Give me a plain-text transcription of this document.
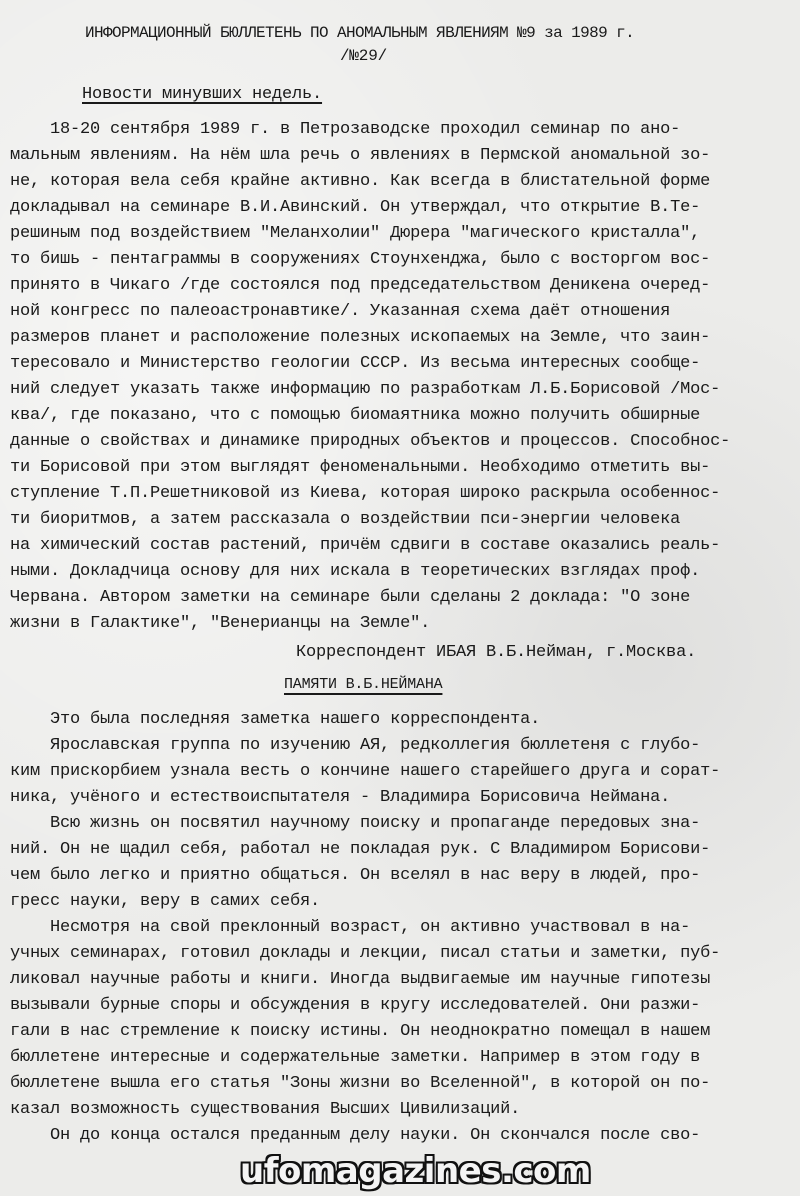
ИНФОРМАЦИОННЫЙ БЮЛЛЕТЕНЬ ПО АНОМАЛЬНЫМ ЯВЛЕНИЯМ №9 за 1989 г.
/№29/
Новости минувших недель.
18-20 сентября 1989 г. в Петрозаводске проходил семинар по ано-
мальным явлениям. На нём шла речь о явлениях в Пермской аномальной зо-
не, которая вела себя крайне активно. Как всегда в блистательной форме
докладывал на семинаре В.И.Авинский. Он утверждал, что открытие В.Те-
решиным под воздействием "Меланхолии" Дюрера "магического кристалла",
то бишь - пентаграммы в сооружениях Стоунхенджа, было с восторгом вос-
принято в Чикаго /где состоялся под председательством Деникена очеред-
ной конгресс по палеоастронавтике/. Указанная схема даёт отношения
размеров планет и расположение полезных ископаемых на Земле, что заин-
тересовало и Министерство геологии СССР. Из весьма интересных сообще-
ний следует указать также информацию по разработкам Л.Б.Борисовой /Мос-
ква/, где показано, что с помощью биомаятника можно получить обширные
данные о свойствах и динамике природных объектов и процессов. Способнос-
ти Борисовой при этом выглядят феноменальными. Необходимо отметить вы-
ступление Т.П.Решетниковой из Киева, которая широко раскрыла особеннос-
ти биоритмов, а затем рассказала о воздействии пси-энергии человека
на химический состав растений, причём сдвиги в составе оказались реаль-
ными. Докладчица основу для них искала в теоретических взглядах проф.
Червана. Автором заметки на семинаре были сделаны 2 доклада: "О зоне
жизни в Галактике", "Венерианцы на Земле".
Корреспондент ИБАЯ В.Б.Нейман, г.Москва.
ПАМЯТИ В.Б.НЕЙМАНА
Это была последняя заметка нашего корреспондента.
Ярославская группа по изучению АЯ, редколлегия бюллетеня с глубо-
ким прискорбием узнала весть о кончине нашего старейшего друга и сорат-
ника, учёного и естествоиспытателя - Владимира Борисовича Неймана.
Всю жизнь он посвятил научному поиску и пропаганде передовых зна-
ний. Он не щадил себя, работал не покладая рук. С Владимиром Борисови-
чем было легко и приятно общаться. Он вселял в нас веру в людей, про-
гресс науки, веру в самих себя.
Несмотря на свой преклонный возраст, он активно участвовал в на-
учных семинарах, готовил доклады и лекции, писал статьи и заметки, пуб-
ликовал научные работы и книги. Иногда выдвигаемые им научные гипотезы
вызывали бурные споры и обсуждения в кругу исследователей. Они разжи-
гали в нас стремление к поиску истины. Он неоднократно помещал в нашем
бюллетене интересные и содержательные заметки. Например в этом году в
бюллетене вышла его статья "Зоны жизни во Вселенной", в которой он по-
казал возможность существования Высших Цивилизаций.
Он до конца остался преданным делу науки. Он скончался после сво-
ufomagazines.com
